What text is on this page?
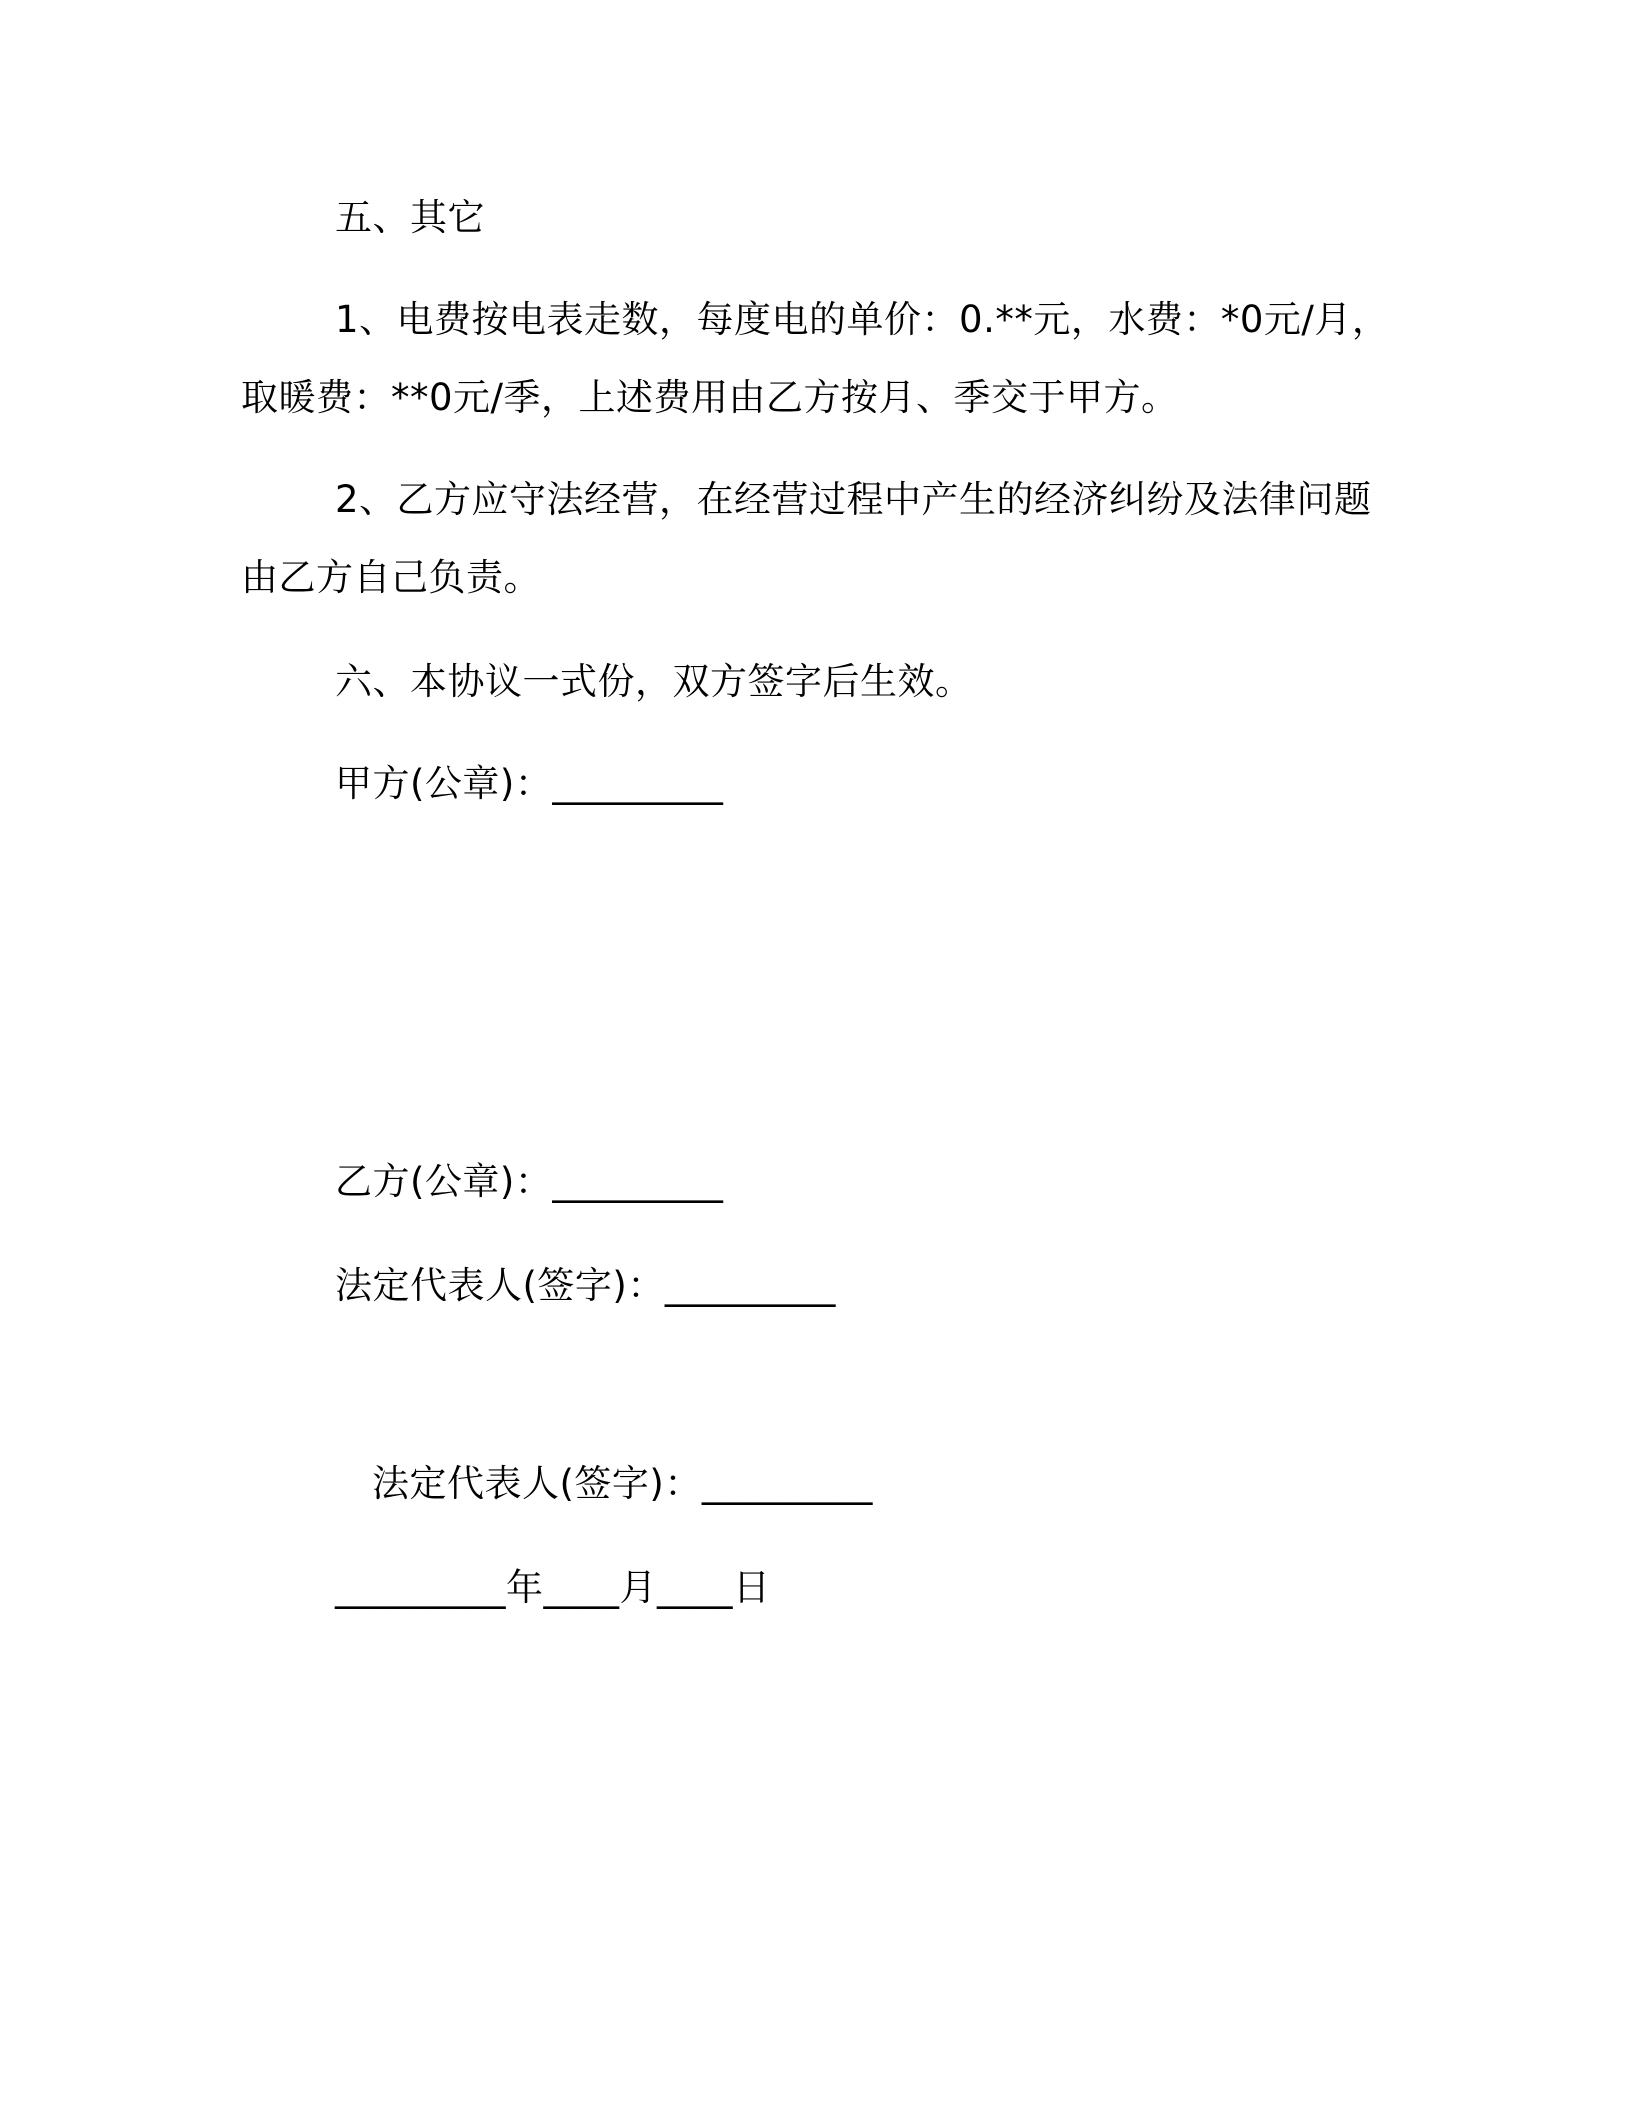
五、其它
1、电费按电表走数，每度电的单价：0.**元，水费：*0元/月，
取暖费：**0元/季，上述费用由乙方按月、季交于甲方。
2、乙方应守法经营，在经营过程中产生的经济纠纷及法律问题
由乙方自己负责。
六、本协议一式份，双方签字后生效。
甲方(公章)：_________
乙方(公章)：_________
法定代表人(签字)：_________
法定代表人(签字)：_________
_________年____月____日
